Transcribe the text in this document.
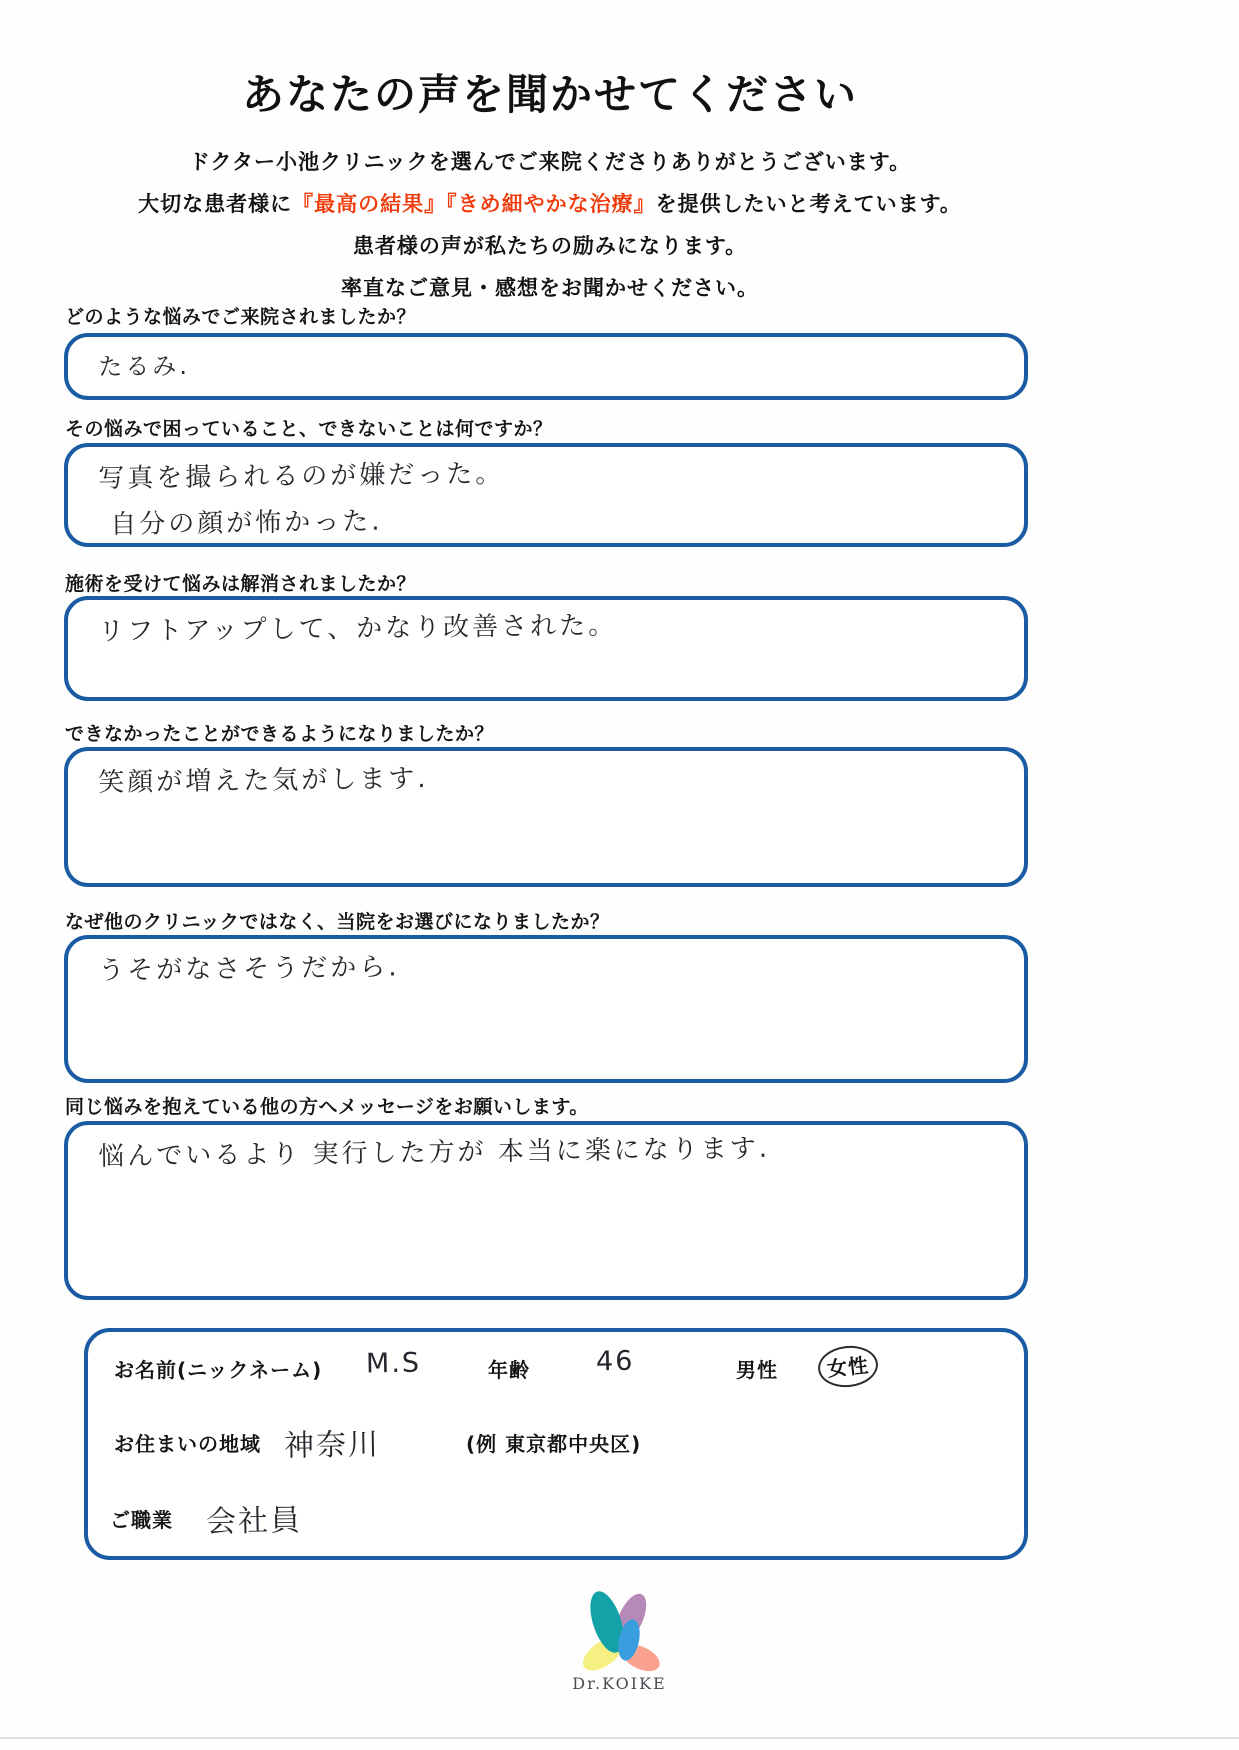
あなたの声を聞かせてください
ドクター小池クリニックを選んでご来院くださりありがとうございます。
大切な患者様に『最高の結果』『きめ細やかな治療』を提供したいと考えています。
患者様の声が私たちの励みになります。
率直なご意見・感想をお聞かせください。
どのような悩みでご来院されましたか？
たるみ.
その悩みで困っていること、できないことは何ですか？
写真を撮られるのが嫌だった。
自分の顔が怖かった.
施術を受けて悩みは解消されましたか？
リフトアップして、かなり改善された。
できなかったことができるようになりましたか？
笑顔が増えた気がします.
なぜ他のクリニックではなく、当院をお選びになりましたか？
うそがなさそうだから.
同じ悩みを抱えている他の方へメッセージをお願いします。
悩んでいるより 実行した方が 本当に楽になります.
お名前(ニックネーム) M.S	年齢 46	男性	女性
お住まいの地域 神奈川	(例 東京都中央区)
ご職業 会社員
Dr.KOIKE
